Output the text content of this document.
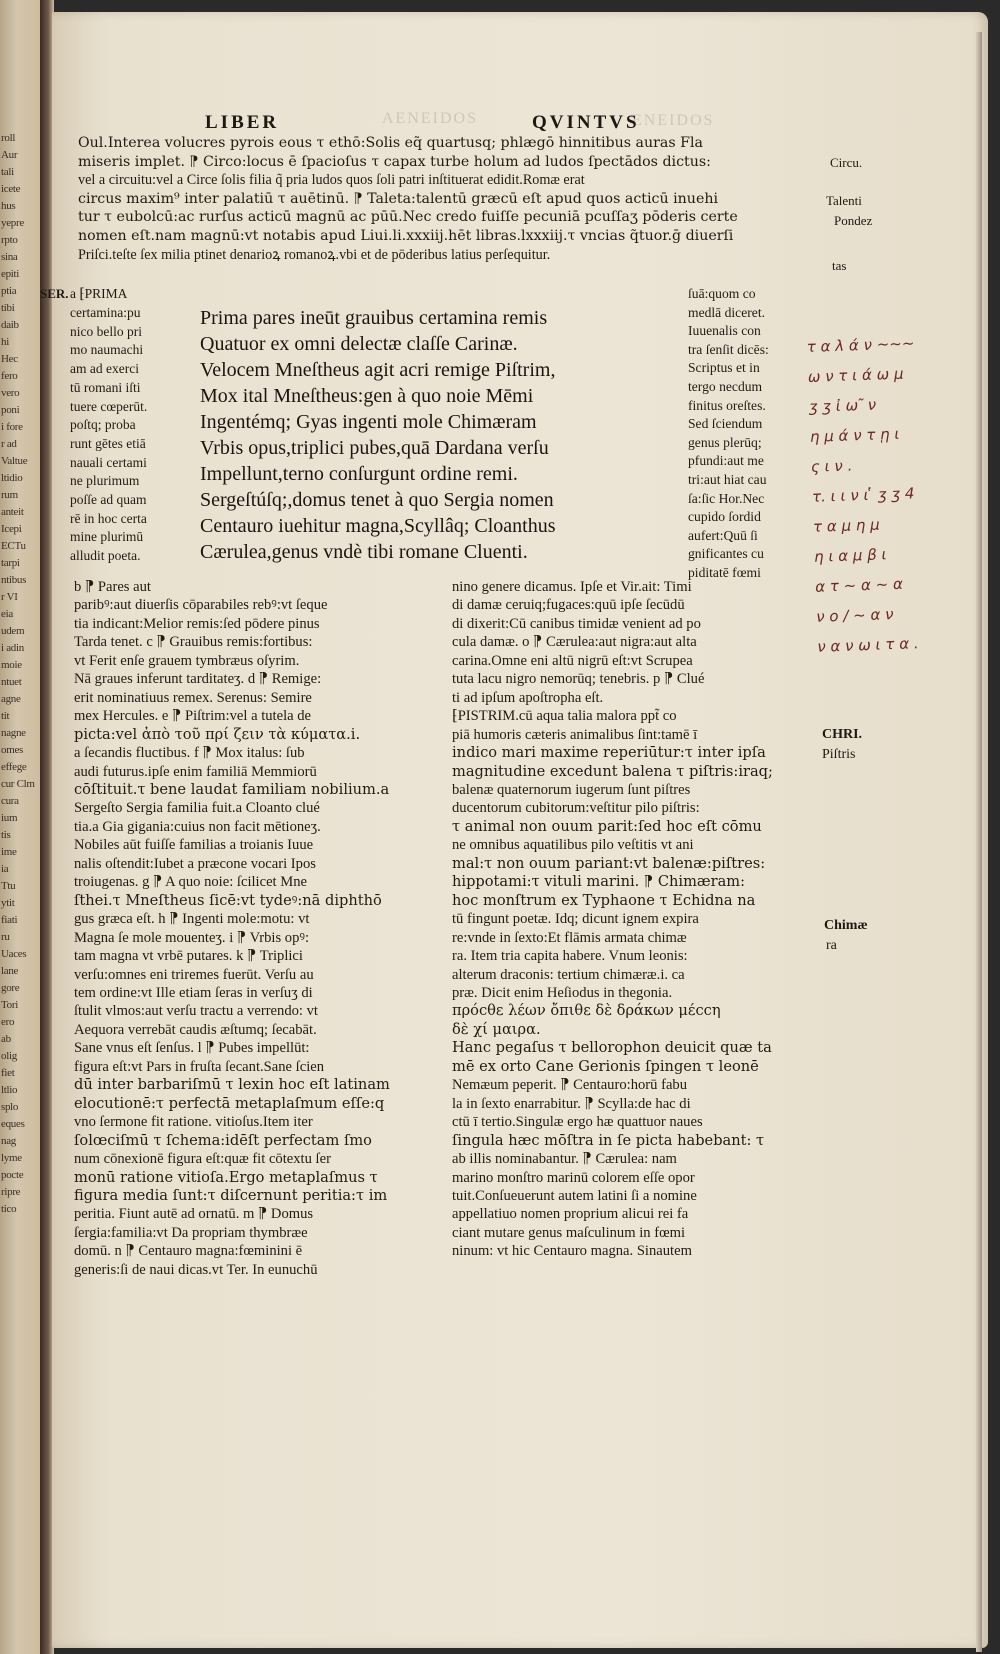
roll
Aur
tali
icete
hus
yepre
rpto
sina
epiti
ptia
tibi
daib
hi
Hec
fero
vero
poni
i fore
r ad
Valtue
ltidio
rum
anteit
Icepi
ECTu
tarpi
ntibus
r VI
eia
udem
i adin
moie
ntuet
agne
tit
nagne
omes
effege
cur Clm
cura
ium
tis
ime
ia
Ttu
ytit
fiati
ru
Uaces
lane
gore
Tori
ero
ab
olig
fiet
ltlio
splo
eques
nag
lyme
pocte
ripre
tico
AENEIDOS	ENEIDOS
LIBER	QVINTVS
Oul.Interea volucres pyrois eous τ ethō:Solis eq̃ quartusq; phlægō hinnitibus auras Fla
miseris implet. ⁋ Circo:locus ē ſpacioſus τ capax turbe holum ad ludos ſpectādos dictus:
vel a circuitu:vel a Circe ſolis filia q̃ pria ludos quos ſoli patri inſtituerat edidit.Romæ erat
circus maxim⁹ inter palatiū τ auētinū. ⁋ Taleta:talentū græcū eſt apud quos acticū inuehi
tur τ eubolcū:ac rurſus acticū magnū ac pūū.Nec credo fuiſſe pecuniā pcuſſaʒ pōderis certe
nomen eſt.nam magnū:vt notabis apud Liui.li.xxxiij.hēt libras.lxxxiij.τ vncias q̃tuor.ḡ diuerſi
Priſci.teſte ſex milia ptinet denarioꝝ romanoꝝ.vbi et de pōderibus latius perſequitur.
Circu.
Talenti
Pondez
tas
SER. a ⁅PRIMA
certamina:pu
nico bello pri
mo naumachi
am ad exerci
tū romani iſti
tuere cœperūt.
poſtq; proba
runt gētes etiā
nauali certami
ne plurimum
poſſe ad quam
rē in hoc certa
mine plurimū
alludit poeta.
Prima pares ineūt grauibus certamina remis
Quatuor ex omni delectæ claſſe Carinæ.
Velocem Mneſtheus agit acri remige Piſtrim,
Mox ital Mneſtheus:gen à quo noie Mēmi
Ingentémq; Gyas ingenti mole Chimæram
Vrbis opus,triplici pubes,quā Dardana verſu
Impellunt,terno conſurgunt ordine remi.
Sergeſtúſq;,domus tenet à quo Sergia nomen
Centauro iuehitur magna,Scyllâq; Cloanthus
Cærulea,genus vndè tibi romane Cluenti.
ſuā:quom co
medlā diceret.
Iuuenalis con
tra ſenſit dicēs:
Scriptus et in
tergo necdum
finitus oreſtes.
Sed ſciendum
genus plerūq;
pfundi:aut me
tri:aut hiat cau
ſa:ſic Hor.Nec
cupido ſordid
aufert:Quū ſi
gnificantes cu
piditatē fœmi
τ α λ ά ν ~~~
ω ν τ ι ά ω μ
ʒ ʒ ἰ ω ͂ ν
η μ ά ν τ ῃ ι
ς ι ν .
τ. ι ι ν ι ̔ ʒ ʒ 4
τ α μ η μ
η ι α μ β ι
α τ ~ α ~ α
ν ο / ~ α ν
ν α ν ω ι τ α .
b ⁋ Pares aut
paribꝰ:aut diuerſis cōparabiles rebꝰ:vt ſeque
tia indicant:Melior remis:ſed pōdere pinus
Tarda tenet. c ⁋ Grauibus remis:fortibus:
vt Ferit enſe grauem tymbræus oſyrim.
Nā graues inferunt tarditateʒ. d ⁋ Remige:
erit nominatiuus remex. Serenus: Semire
mex Hercules. e ⁋ Piſtrim:vel a tutela de
picta:vel ἀπὸ τοῦ πρί ζειν τὰ κύματα.i.
a ſecandis fluctibus. f ⁋ Mox italus: ſub
audi futurus.ipſe enim familiā Memmiorū
cōſtituit.τ bene laudat familiam nobilium.a
Sergeſto Sergia familia fuit.a Cloanto clué
tia.a Gia gigania:cuius non facit mētioneʒ.
Nobiles aūt fuiſſe familias a troianis Iuue
nalis oſtendit:Iubet a præcone vocari Ipos
troiugenas. g ⁋ A quo noie: ſcilicet Mne
ſthei.τ Mneſtheus ſicē:vt tydeꝰ:nā diphthō
gus græca eſt. h ⁋ Ingenti mole:motu: vt
Magna ſe mole mouenteʒ. i ⁋ Vrbis opꝰ:
tam magna vt vrbē putares. k ⁋ Triplici
verſu:omnes eni triremes fuerūt. Verſu au
tem ordine:vt Ille etiam ſeras in verſuʒ di
ſtulit vlmos:aut verſu tractu a verrendo: vt
Aequora verrebāt caudis æſtumq; ſecabāt.
Sane vnus eſt ſenſus. l ⁋ Pubes impellūt:
figura eſt:vt Pars in fruſta ſecant.Sane ſcien
dū inter barbariſmū τ lexin hoc eſt latinam
elocutionē:τ perfectā metaplaſmum eſſe:q
vno ſermone fit ratione. vitioſus.Item iter
ſolœciſmū τ ſchema:idēſt perfectam ſmo
num cōnexionē figura eſt:quæ fit cōtextu ſer
monū ratione vitioſa.Ergo metaplaſmus τ
figura media ſunt:τ diſcernunt peritia:τ im
peritia. Fiunt autē ad ornatū. m ⁋ Domus
ſergia:familia:vt Da propriam thymbræe
domū. n ⁋ Centauro magna:fœminini ē
generis:ſi de naui dicas.vt Ter. In eunuchū
nino genere dicamus. Ipſe et Vir.ait: Timi
di damæ ceruiq;fugaces:quū ipſe ſecūdū
di dixerit:Cū canibus timidæ venient ad po
cula damæ. o ⁋ Cærulea:aut nigra:aut alta
carina.Omne eni altū nigrū eſt:vt Scrupea
tuta lacu nigro nemorūq; tenebris. p ⁋ Clué
ti ad ipſum apoſtropha eſt.
⁅PISTRIM.cū aqua talia malora ppt̃ co
piā humoris cæteris animalibus ſint:tamē ī
indico mari maxime reperiūtur:τ inter ipſa
magnitudine excedunt balena τ piſtris:iraq;
balenæ quaternorum iugerum ſunt piſtres
ducentorum cubitorum:veſtitur pilo piſtris:
τ animal non ouum parit:ſed hoc eſt cōmu
ne omnibus aquatilibus pilo veſtitis vt ani
mal:τ non ouum pariant:vt balenæ:piſtres:
hippotami:τ vituli marini. ⁋ Chimæram:
hoc monſtrum ex Typhaone τ Echidna na
tū fingunt poetæ. Idq; dicunt ignem expira
re:vnde in ſexto:Et flāmis armata chimæ
ra. Item tria capita habere. Vnum leonis:
alterum draconis: tertium chimæræ.i. ca
præ. Dicit enim Heſiodus in thegonia.
πρόϲθε λέων ὄπιθε δὲ δράκων μέϲϲη
δὲ χί μαιρα.
Hanc pegaſus τ bellorophon deuicit quæ ta
mē ex orto Cane Gerionis ſpingen τ leonē
Nemæum peperit. ⁋ Centauro:horū fabu
la in ſexto enarrabitur. ⁋ Scylla:de hac di
ctū ī tertio.Singulæ ergo hæ quattuor naues
ſingula hæc mōſtra in ſe picta habebant: τ
ab illis nominabantur. ⁋ Cærulea: nam
marino monſtro marinū colorem eſſe opor
tuit.Conſueuerunt autem latini ſi a nomine
appellatiuo nomen proprium alicui rei fa
ciant mutare genus maſculinum in fœmi
ninum: vt hic Centauro magna. Sinautem
CHRI.
Piſtris
Chimæ
ra
